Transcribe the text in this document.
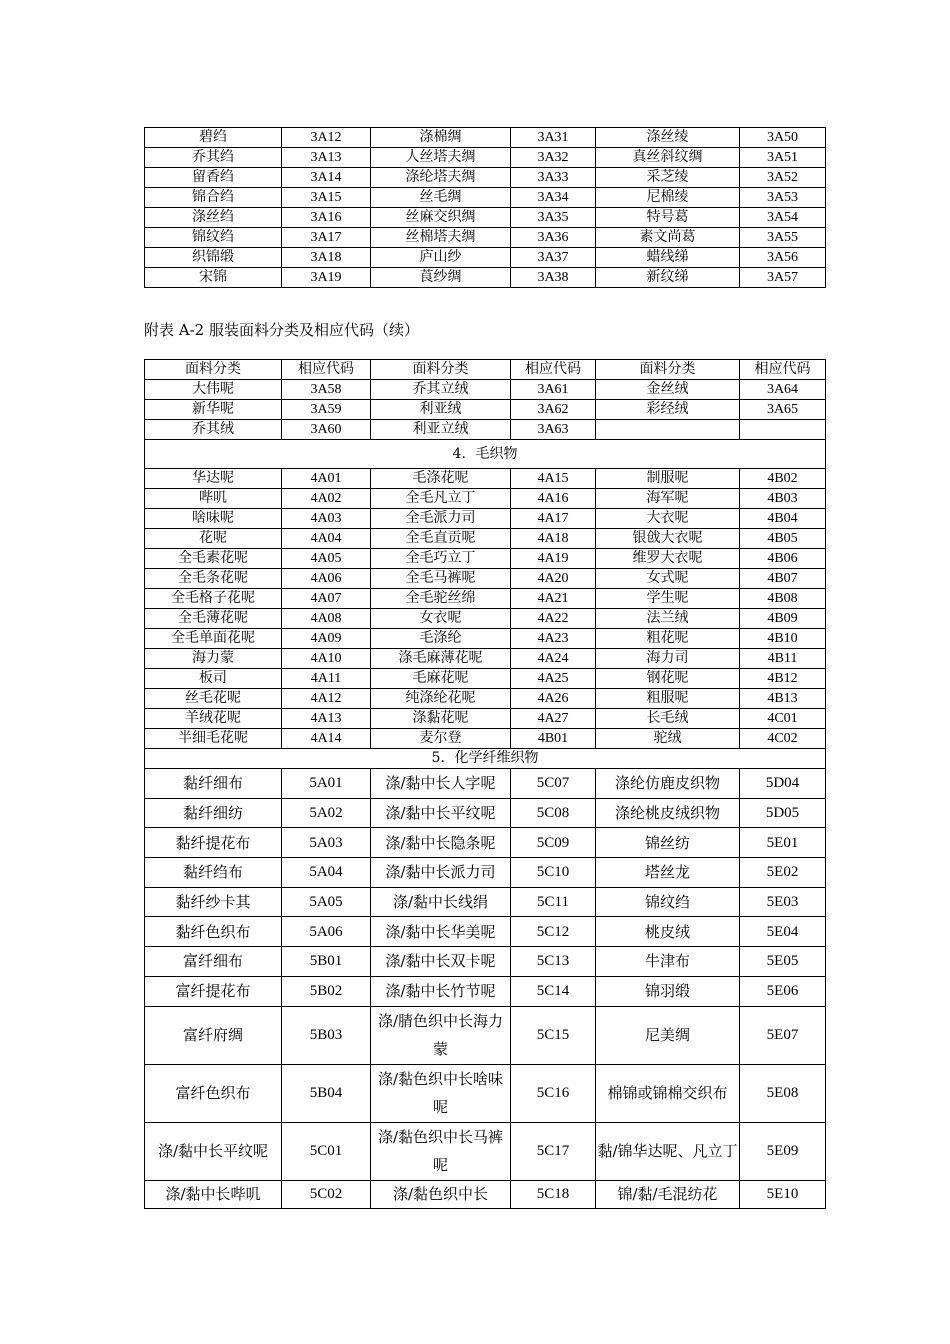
碧绉	3A12	涤棉绸	3A31	涤丝绫	3A50
乔其绉	3A13	人丝塔夫绸	3A32	真丝斜纹绸	3A51
留香绉	3A14	涤纶塔夫绸	3A33	采芝绫	3A52
锦合绉	3A15	丝毛绸	3A34	尼棉绫	3A53
涤丝绉	3A16	丝麻交织绸	3A35	特号葛	3A54
锦纹绉	3A17	丝棉塔夫绸	3A36	素文尚葛	3A55
织锦缎	3A18	庐山纱	3A37	蜡线绨	3A56
宋锦	3A19	莨纱绸	3A38	新纹绨	3A57
附表 A-2 服装面料分类及相应代码（续）
面料分类	相应代码	面料分类	相应代码	面料分类	相应代码
大伟呢	3A58	乔其立绒	3A61	金丝绒	3A64
新华呢	3A59	利亚绒	3A62	彩经绒	3A65
乔其绒	3A60	利亚立绒	3A63		
4．毛织物					
华达呢	4A01	毛涤花呢	4A15	制服呢	4B02
哔叽	4A02	全毛凡立丁	4A16	海军呢	4B03
啥味呢	4A03	全毛派力司	4A17	大衣呢	4B04
花呢	4A04	全毛直贡呢	4A18	银戗大衣呢	4B05
全毛素花呢	4A05	全毛巧立丁	4A19	维罗大衣呢	4B06
全毛条花呢	4A06	全毛马裤呢	4A20	女式呢	4B07
全毛格子花呢	4A07	全毛驼丝绵	4A21	学生呢	4B08
全毛薄花呢	4A08	女衣呢	4A22	法兰绒	4B09
全毛单面花呢	4A09	毛涤纶	4A23	粗花呢	4B10
海力蒙	4A10	涤毛麻薄花呢	4A24	海力司	4B11
板司	4A11	毛麻花呢	4A25	钢花呢	4B12
丝毛花呢	4A12	纯涤纶花呢	4A26	粗服呢	4B13
羊绒花呢	4A13	涤黏花呢	4A27	长毛绒	4C01
半细毛花呢	4A14	麦尔登	4B01	驼绒	4C02
5．化学纤维织物					
黏纤细布	5A01	涤/黏中长人字呢	5C07	涤纶仿鹿皮织物	5D04
黏纤细纺	5A02	涤/黏中长平纹呢	5C08	涤纶桃皮绒织物	5D05
黏纤提花布	5A03	涤/黏中长隐条呢	5C09	锦丝纺	5E01
黏纤绉布	5A04	涤/黏中长派力司	5C10	塔丝龙	5E02
黏纤纱卡其	5A05	涤/黏中长线绢	5C11	锦纹绉	5E03
黏纤色织布	5A06	涤/黏中长华美呢	5C12	桃皮绒	5E04
富纤细布	5B01	涤/黏中长双卡呢	5C13	牛津布	5E05
富纤提花布	5B02	涤/黏中长竹节呢	5C14	锦羽缎	5E06
富纤府绸	5B03	涤/腈色织中长海力蒙	5C15	尼美绸	5E07
富纤色织布	5B04	涤/黏色织中长啥味呢	5C16	棉锦或锦棉交织布	5E08
涤/黏中长平纹呢	5C01	涤/黏色织中长马裤呢	5C17	黏/锦华达呢、凡立丁	5E09
涤/黏中长哔叽	5C02	涤/黏色织中长	5C18	锦/黏/毛混纺花	5E10
